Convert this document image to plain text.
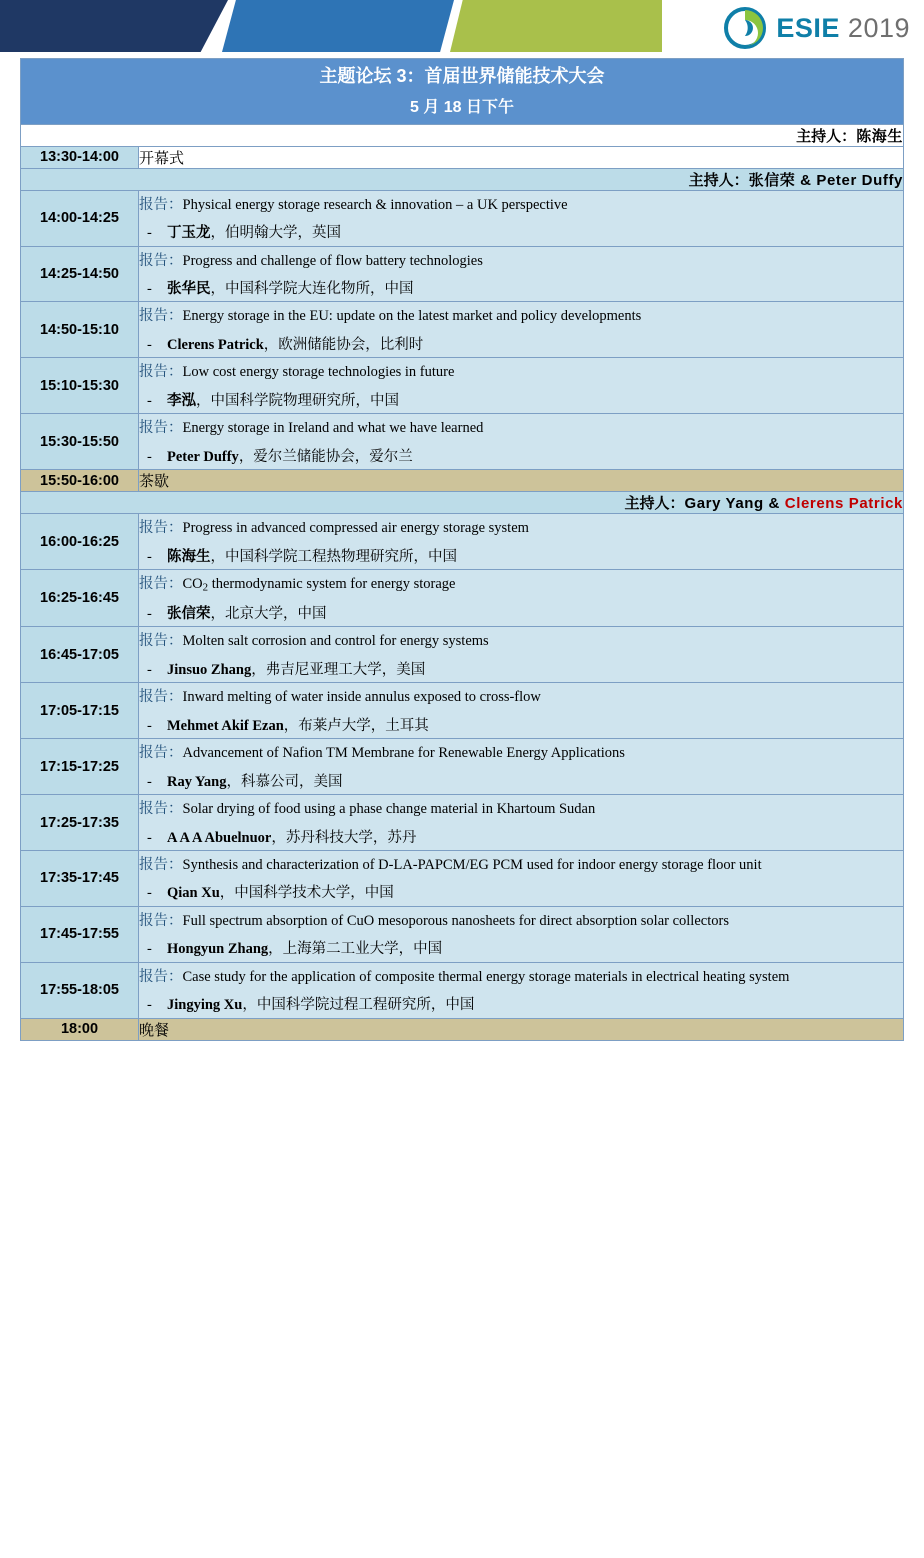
ESIE 2019
主题论坛 3：首届世界储能技术大会
5 月 18 日下午	

主持人：陈海生	
13:30-14:00	开幕式
主持人：张信荣 & Peter Duffy	
14:00-14:25	报告：Physical energy storage research & innovation – a UK perspective
- 丁玉龙，伯明翰大学，英国

14:25-14:50	报告：Progress and challenge of flow battery technologies
- 张华民，中国科学院大连化物所，中国

14:50-15:10	报告：Energy storage in the EU: update on the latest market and policy developments
- Clerens Patrick，欧洲储能协会，比利时

15:10-15:30	报告：Low cost energy storage technologies in future
- 李泓，中国科学院物理研究所，中国

15:30-15:50	报告：Energy storage in Ireland and what we have learned
- Peter Duffy，爱尔兰储能协会，爱尔兰

15:50-16:00	茶歇
主持人：Gary Yang & Clerens Patrick	
16:00-16:25	报告：Progress in advanced compressed air energy storage system
- 陈海生，中国科学院工程热物理研究所，中国

16:25-16:45	报告：$CO_2$ thermodynamic system for energy storage
- 张信荣，北京大学，中国

16:45-17:05	报告：Molten salt corrosion and control for energy systems
- Jinsuo Zhang，弗吉尼亚理工大学，美国

17:05-17:15	报告：Inward melting of water inside annulus exposed to cross-flow
- Mehmet Akif Ezan，布莱卢大学，土耳其

17:15-17:25	报告：Advancement of Nafion TM Membrane for Renewable Energy Applications
- Ray Yang，科慕公司，美国

17:25-17:35	报告：Solar drying of food using a phase change material in Khartoum Sudan
- A A A Abuelnuor，苏丹科技大学，苏丹

17:35-17:45	报告：Synthesis and characterization of D-LA-PAPCM/EG PCM used for indoor energy storage floor unit
- Qian Xu，中国科学技术大学，中国

17:45-17:55	报告：Full spectrum absorption of CuO mesoporous nanosheets for direct absorption solar collectors
- Hongyun Zhang，上海第二工业大学，中国

17:55-18:05	报告：Case study for the application of composite thermal energy storage materials in electrical heating system
- Jingying Xu，中国科学院过程工程研究所，中国

18:00	晚餐
